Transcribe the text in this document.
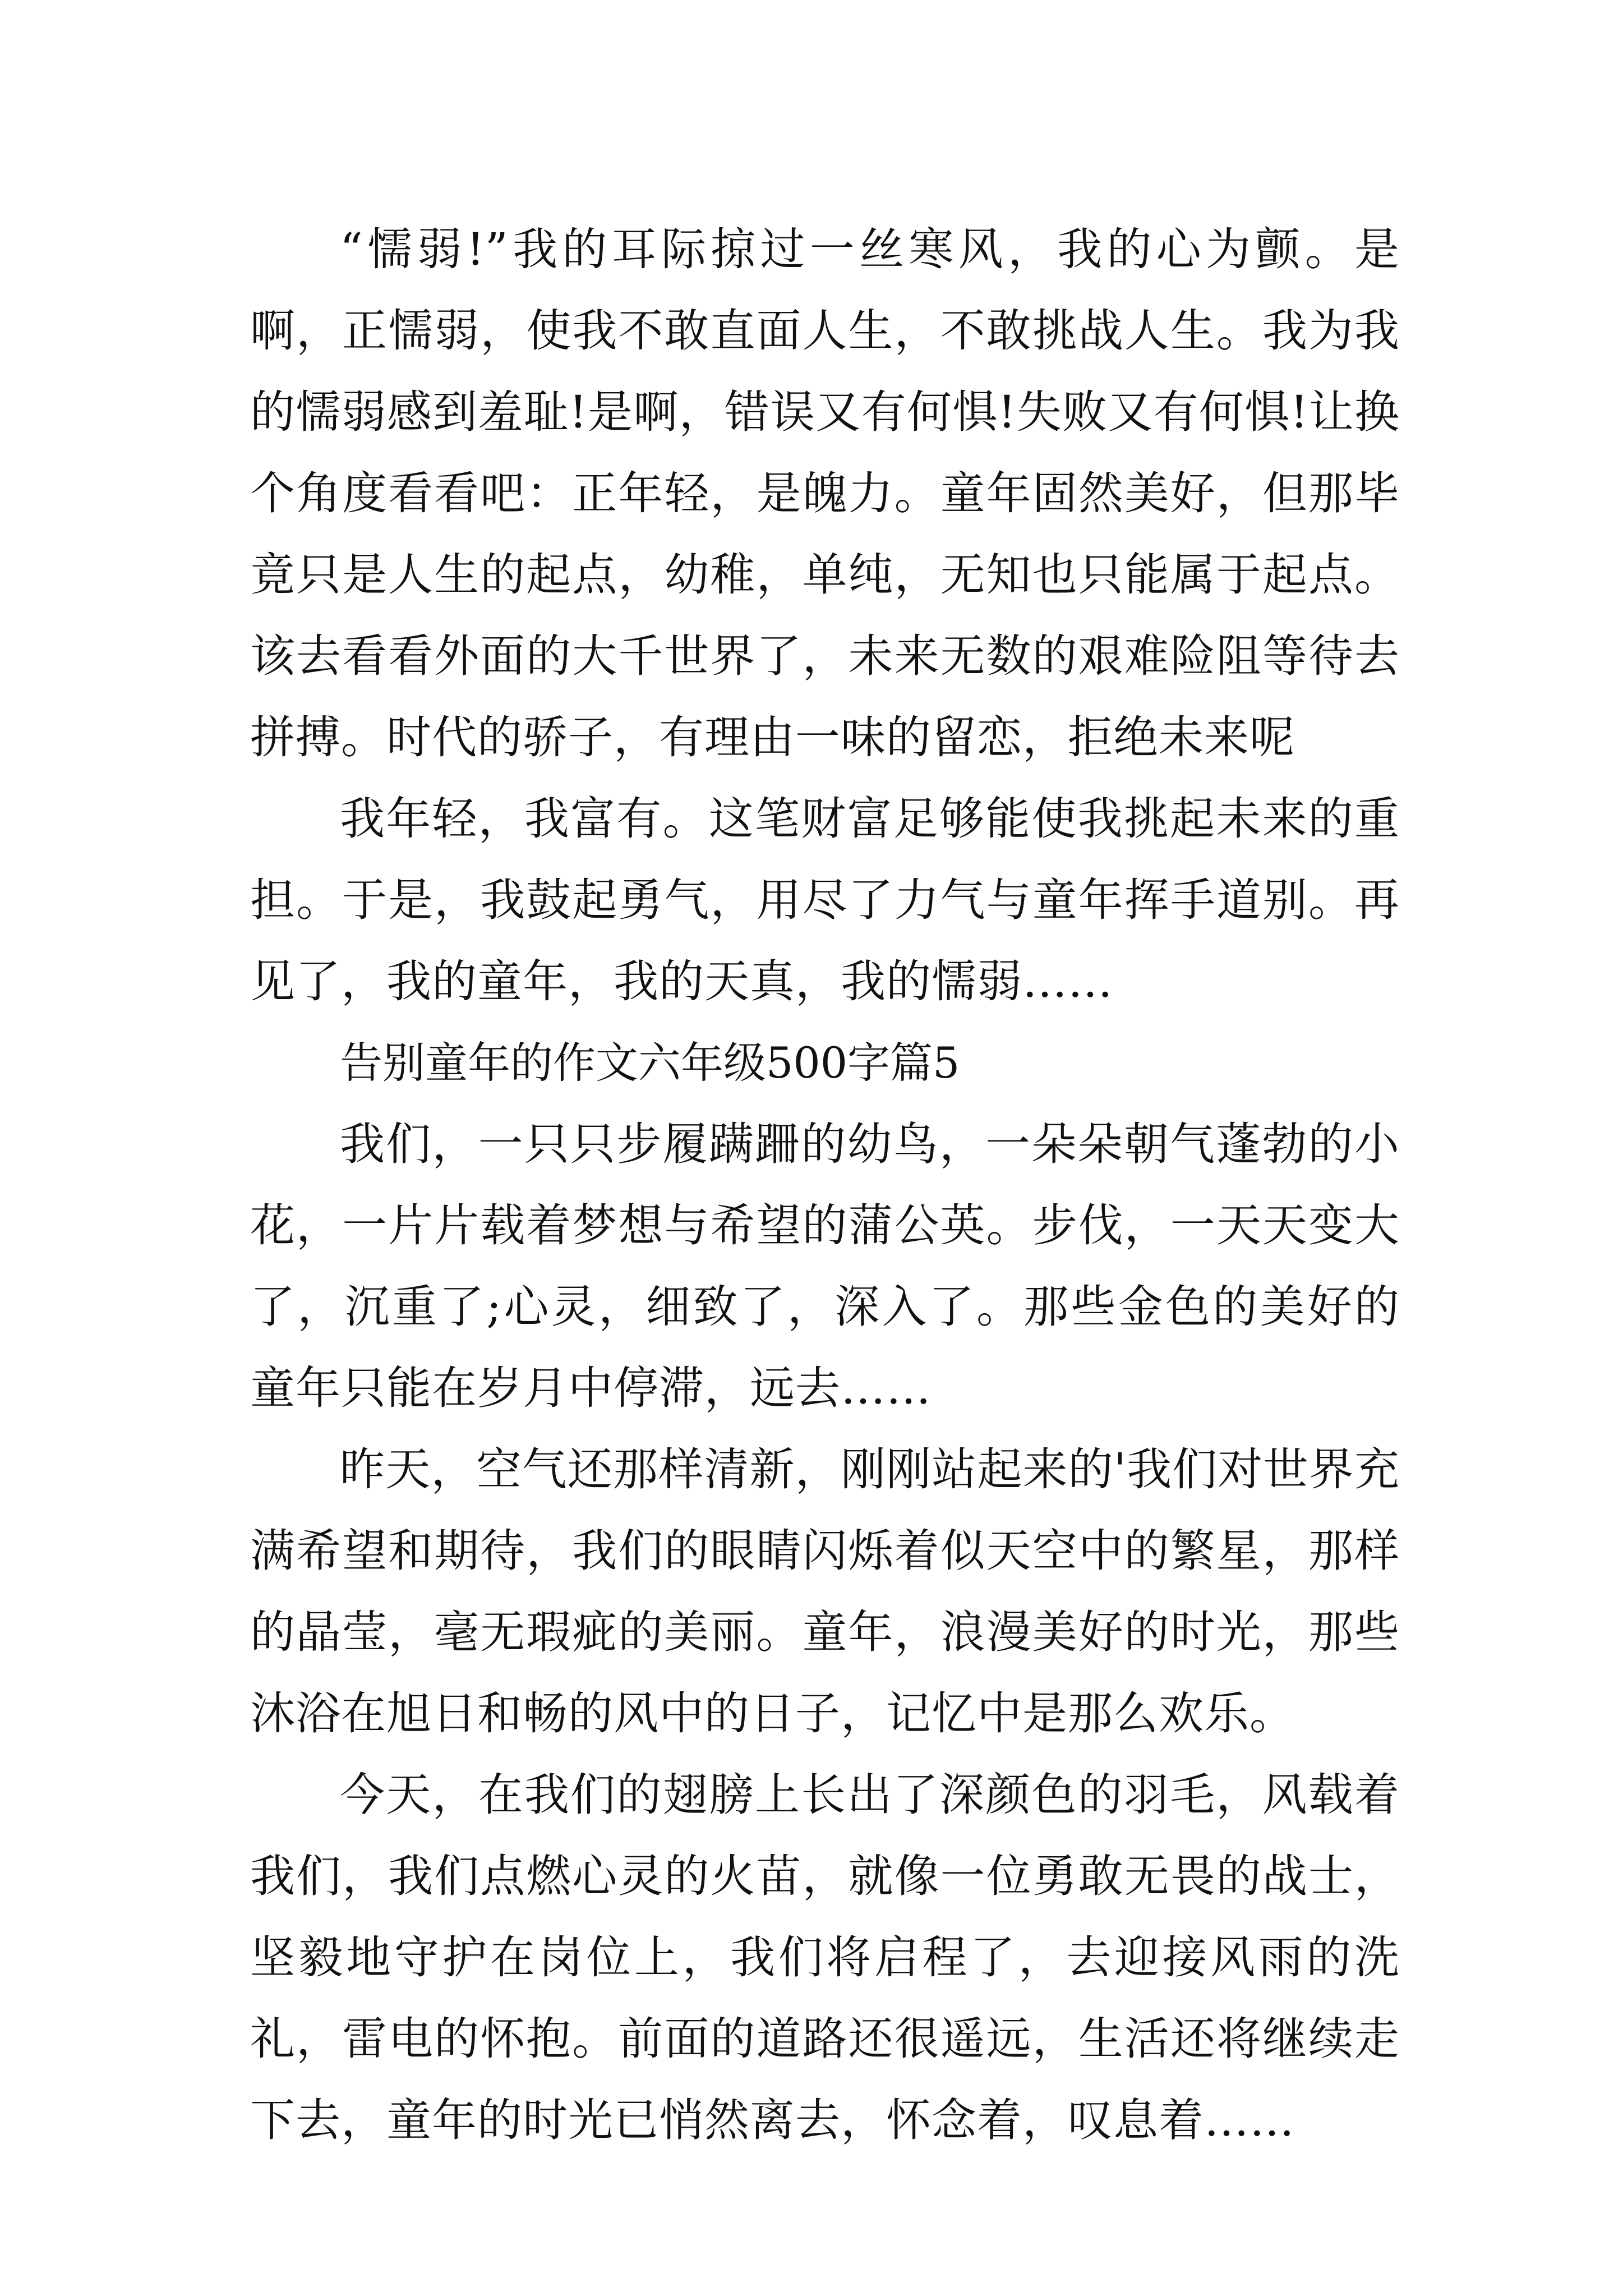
“懦弱!”我的耳际掠过一丝寒风，我的心为颤。是啊，正懦弱，使我不敢直面人生，不敢挑战人生。我为我的懦弱感到羞耻!是啊，错误又有何惧!失败又有何惧!让换个角度看看吧：正年轻，是魄力。童年固然美好，但那毕竟只是人生的起点，幼稚，单纯，无知也只能属于起点。该去看看外面的大千世界了，未来无数的艰难险阻等待去拼搏。时代的骄子，有理由一味的留恋，拒绝未来呢

我年轻，我富有。这笔财富足够能使我挑起未来的重担。于是，我鼓起勇气，用尽了力气与童年挥手道别。再见了，我的童年，我的天真，我的懦弱……

告别童年的作文六年级500字篇5

我们，一只只步履蹒跚的幼鸟，一朵朵朝气蓬勃的小花，一片片载着梦想与希望的蒲公英。步伐，一天天变大了，沉重了;心灵，细致了，深入了。那些金色的美好的童年只能在岁月中停滞，远去……

昨天，空气还那样清新，刚刚站起来的'我们对世界充满希望和期待，我们的眼睛闪烁着似天空中的繁星，那样的晶莹，毫无瑕疵的美丽。童年，浪漫美好的时光，那些沐浴在旭日和畅的风中的日子，记忆中是那么欢乐。

今天，在我们的翅膀上长出了深颜色的羽毛，风载着我们，我们点燃心灵的火苗，就像一位勇敢无畏的战士，坚毅地守护在岗位上，我们将启程了，去迎接风雨的洗礼，雷电的怀抱。前面的道路还很遥远，生活还将继续走下去，童年的时光已悄然离去，怀念着，叹息着……
